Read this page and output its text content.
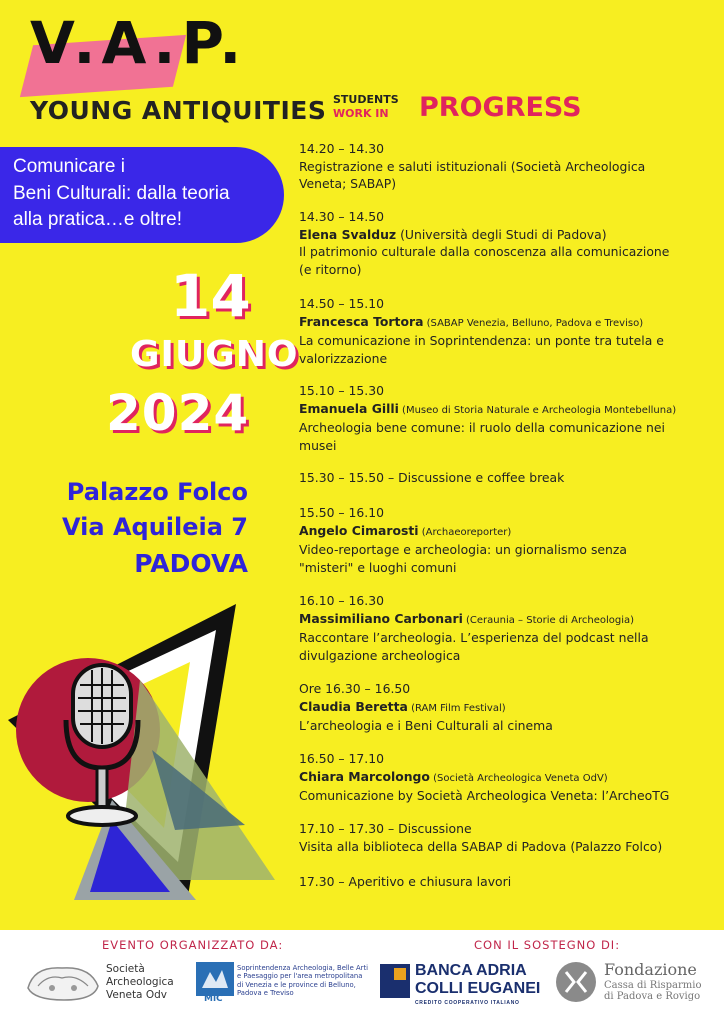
V.A.P.
YOUNG ANTIQUITIES STUDENTS
WORK IN PROGRESS
Comunicare i
Beni Culturali: dalla teoria
alla pratica…e oltre!
14
GIUGNO
2024
Palazzo Folco
Via Aquileia 7
PADOVA
14.20 – 14.30
Registrazione e saluti istituzionali (Società Archeologica
Veneta; SABAP)
14.30 – 14.50
Elena Svalduz (Università degli Studi di Padova)
Il patrimonio culturale dalla conoscenza alla comunicazione
(e ritorno)
14.50 – 15.10
Francesca Tortora (SABAP Venezia, Belluno, Padova e Treviso)
La comunicazione in Soprintendenza: un ponte tra tutela e
valorizzazione
15.10 – 15.30
Emanuela Gilli (Museo di Storia Naturale e Archeologia Montebelluna)
Archeologia bene comune: il ruolo della comunicazione nei
musei
15.30 – 15.50 – Discussione e coffee break
15.50 – 16.10
Angelo Cimarosti (Archaeoreporter)
Video-reportage e archeologia: un giornalismo senza
"misteri" e luoghi comuni
16.10 – 16.30
Massimiliano Carbonari (Ceraunia – Storie di Archeologia)
Raccontare l’archeologia. L’esperienza del podcast nella
divulgazione archeologica
Ore 16.30 – 16.50
Claudia Beretta (RAM Film Festival)
L’archeologia e i Beni Culturali al cinema
16.50 – 17.10
Chiara Marcolongo (Società Archeologica Veneta OdV)
Comunicazione by Società Archeologica Veneta: l’ArcheoTG
17.10 – 17.30 – Discussione
Visita alla biblioteca della SABAP di Padova (Palazzo Folco)
17.30 – Aperitivo e chiusura lavori
EVENTO ORGANIZZATO DA:	CON IL SOSTEGNO DI:
Società
Archeologica
Veneta Odv	MiC
Soprintendenza Archeologia, Belle Arti
e Paesaggio per l'area metropolitana
di Venezia e le province di Belluno,
Padova e Treviso
BANCA ADRIA
COLLI EUGANEI
CREDITO COOPERATIVO ITALIANO
Fondazione
Cassa di Risparmio
di Padova e Rovigo
